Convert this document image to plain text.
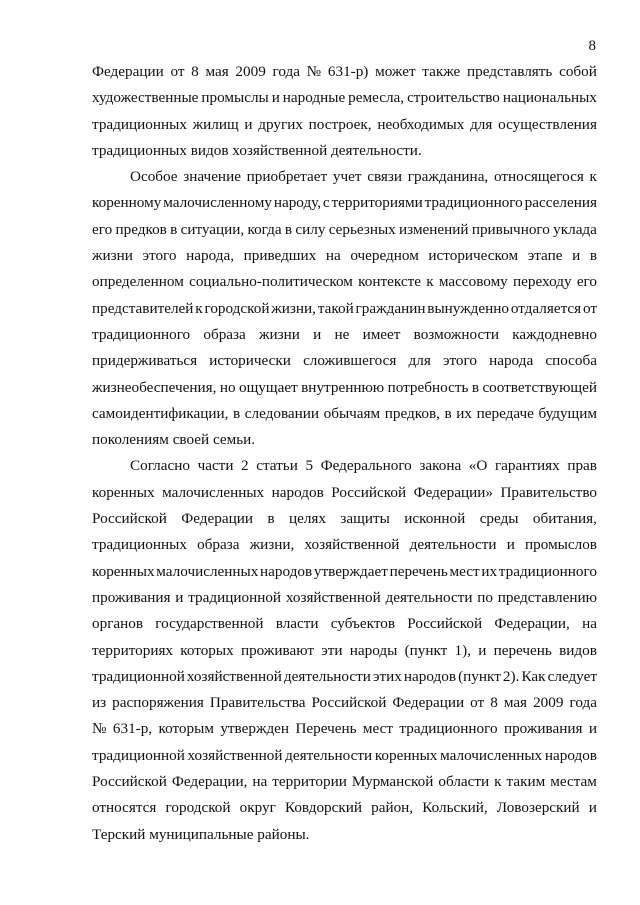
8
Федерации от 8 мая 2009 года № 631-р) может также представлять собой
художественные промыслы и народные ремесла, строительство национальных
традиционных жилищ и других построек, необходимых для осуществления
традиционных видов хозяйственной деятельности.
Особое значение приобретает учет связи гражданина, относящегося к
коренному малочисленному народу, с территориями традиционного расселения
его предков в ситуации, когда в силу серьезных изменений привычного уклада
жизни этого народа, приведших на очередном историческом этапе и в
определенном социально-политическом контексте к массовому переходу его
представителей к городской жизни, такой гражданин вынужденно отдаляется от
традиционного образа жизни и не имеет возможности каждодневно
придерживаться исторически сложившегося для этого народа способа
жизнеобеспечения, но ощущает внутреннюю потребность в соответствующей
самоидентификации, в следовании обычаям предков, в их передаче будущим
поколениям своей семьи.
Согласно части 2 статьи 5 Федерального закона «О гарантиях прав
коренных малочисленных народов Российской Федерации» Правительство
Российской Федерации в целях защиты исконной среды обитания,
традиционных образа жизни, хозяйственной деятельности и промыслов
коренных малочисленных народов утверждает перечень мест их традиционного
проживания и традиционной хозяйственной деятельности по представлению
органов государственной власти субъектов Российской Федерации, на
территориях которых проживают эти народы (пункт 1), и перечень видов
традиционной хозяйственной деятельности этих народов (пункт 2). Как следует
из распоряжения Правительства Российской Федерации от 8 мая 2009 года
№ 631-р, которым утвержден Перечень мест традиционного проживания и
традиционной хозяйственной деятельности коренных малочисленных народов
Российской Федерации, на территории Мурманской области к таким местам
относятся городской округ Ковдорский район, Кольский, Ловозерский и
Терский муниципальные районы.
